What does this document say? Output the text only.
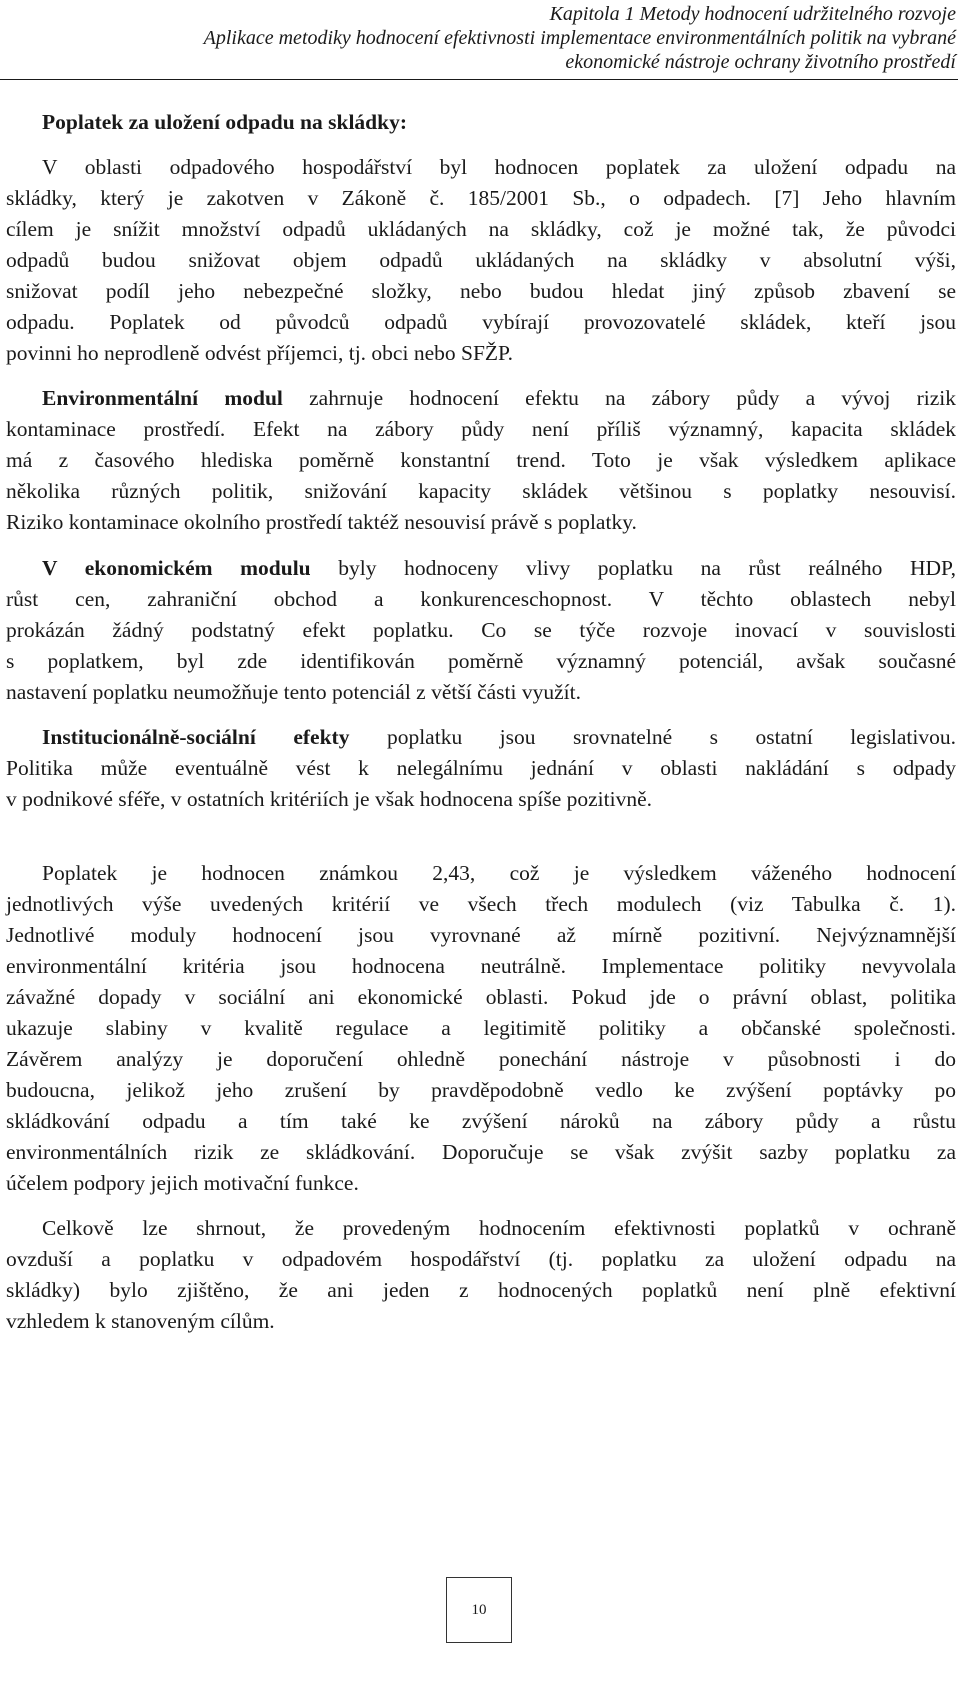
Kapitola 1 Metody hodnocení udržitelného rozvoje
Aplikace metodiky hodnocení efektivnosti implementace environmentálních politik na vybrané
ekonomické nástroje ochrany životního prostředí
Poplatek za uložení odpadu na skládky:
V oblasti odpadového hospodářství byl hodnocen poplatek za uložení odpadu na
skládky, který je zakotven v Zákoně č. 185/2001 Sb., o odpadech. [7] Jeho hlavním
cílem je snížit množství odpadů ukládaných na skládky, což je možné tak, že původci
odpadů budou snižovat objem odpadů ukládaných na skládky v absolutní výši,
snižovat podíl jeho nebezpečné složky, nebo budou hledat jiný způsob zbavení se
odpadu. Poplatek od původců odpadů vybírají provozovatelé skládek, kteří jsou
povinni ho neprodleně odvést příjemci, tj. obci nebo SFŽP.
Environmentální modul zahrnuje hodnocení efektu na zábory půdy a vývoj rizik
kontaminace prostředí. Efekt na zábory půdy není příliš významný, kapacita skládek
má z časového hlediska poměrně konstantní trend. Toto je však výsledkem aplikace
několika různých politik, snižování kapacity skládek většinou s poplatky nesouvisí.
Riziko kontaminace okolního prostředí taktéž nesouvisí právě s poplatky.
V ekonomickém modulu byly hodnoceny vlivy poplatku na růst reálného HDP,
růst cen, zahraniční obchod a konkurenceschopnost. V těchto oblastech nebyl
prokázán žádný podstatný efekt poplatku. Co se týče rozvoje inovací v souvislosti
s poplatkem, byl zde identifikován poměrně významný potenciál, avšak současné
nastavení poplatku neumožňuje tento potenciál z větší části využít.
Institucionálně-sociální efekty poplatku jsou srovnatelné s ostatní legislativou.
Politika může eventuálně vést k nelegálnímu jednání v oblasti nakládání s odpady
v podnikové sféře, v ostatních kritériích je však hodnocena spíše pozitivně.
Poplatek je hodnocen známkou 2,43, což je výsledkem váženého hodnocení
jednotlivých výše uvedených kritérií ve všech třech modulech (viz Tabulka č. 1).
Jednotlivé moduly hodnocení jsou vyrovnané až mírně pozitivní. Nejvýznamnější
environmentální kritéria jsou hodnocena neutrálně. Implementace politiky nevyvolala
závažné dopady v sociální ani ekonomické oblasti. Pokud jde o právní oblast, politika
ukazuje slabiny v kvalitě regulace a legitimitě politiky a občanské společnosti.
Závěrem analýzy je doporučení ohledně ponechání nástroje v působnosti i do
budoucna, jelikož jeho zrušení by pravděpodobně vedlo ke zvýšení poptávky po
skládkování odpadu a tím také ke zvýšení nároků na zábory půdy a růstu
environmentálních rizik ze skládkování. Doporučuje se však zvýšit sazby poplatku za
účelem podpory jejich motivační funkce.
Celkově lze shrnout, že provedeným hodnocením efektivnosti poplatků v ochraně
ovzduší a poplatku v odpadovém hospodářství (tj. poplatku za uložení odpadu na
skládky) bylo zjištěno, že ani jeden z hodnocených poplatků není plně efektivní
vzhledem k stanoveným cílům.
10
